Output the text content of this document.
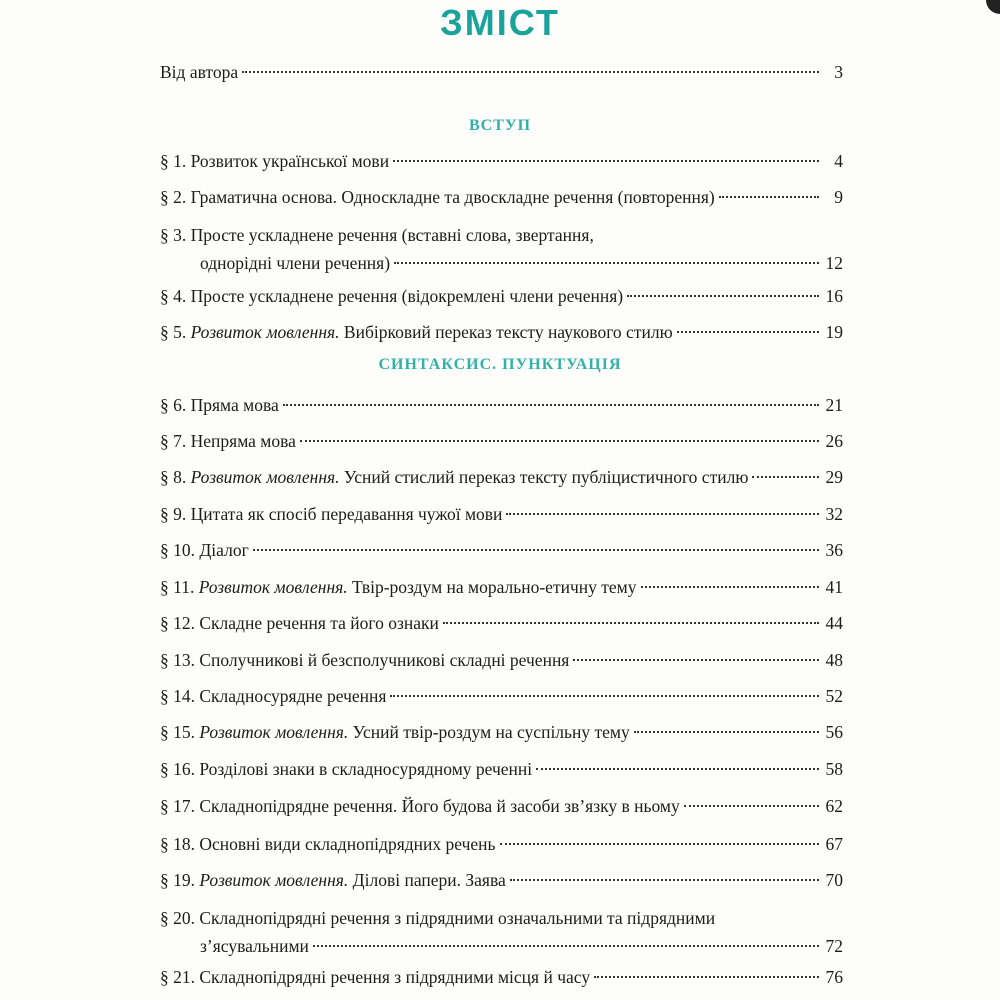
ЗМІСТ
Від автора	3
ВСТУП
§ 1. Розвиток української мови	4
§ 2. Граматична основа. Односкладне та двоскладне речення (повторення)	9
§ 3. Просте ускладнене речення (вставні слова, звертання,
однорідні члени речення)	12
§ 4. Просте ускладнене речення (відокремлені члени речення)	16
§ 5. Розвиток мовлення. Вибірковий переказ тексту наукового стилю	19
§ 6. Пряма мова	21
§ 7. Непряма мова	26
§ 8. Розвиток мовлення. Усний стислий переказ тексту публіцистичного стилю	29
§ 9. Цитата як спосіб передавання чужої мови	32
§ 10. Діалог	36
§ 11. Розвиток мовлення. Твір-роздум на морально-етичну тему	41
§ 12. Складне речення та його ознаки	44
§ 13. Сполучникові й безсполучникові складні речення	48
§ 14. Складносурядне речення	52
§ 15. Розвиток мовлення. Усний твір-роздум на суспільну тему	56
§ 16. Розділові знаки в складносурядному реченні	58
§ 17. Складнопідрядне речення. Його будова й засоби зв’язку в ньому	62
§ 18. Основні види складнопідрядних речень	67
§ 19. Розвиток мовлення. Ділові папери. Заява	70
§ 20. Складнопідрядні речення з підрядними означальними та підрядними
з’ясувальними	72
§ 21. Складнопідрядні речення з підрядними місця й часу	76
СИНТАКСИС. ПУНКТУАЦІЯ
